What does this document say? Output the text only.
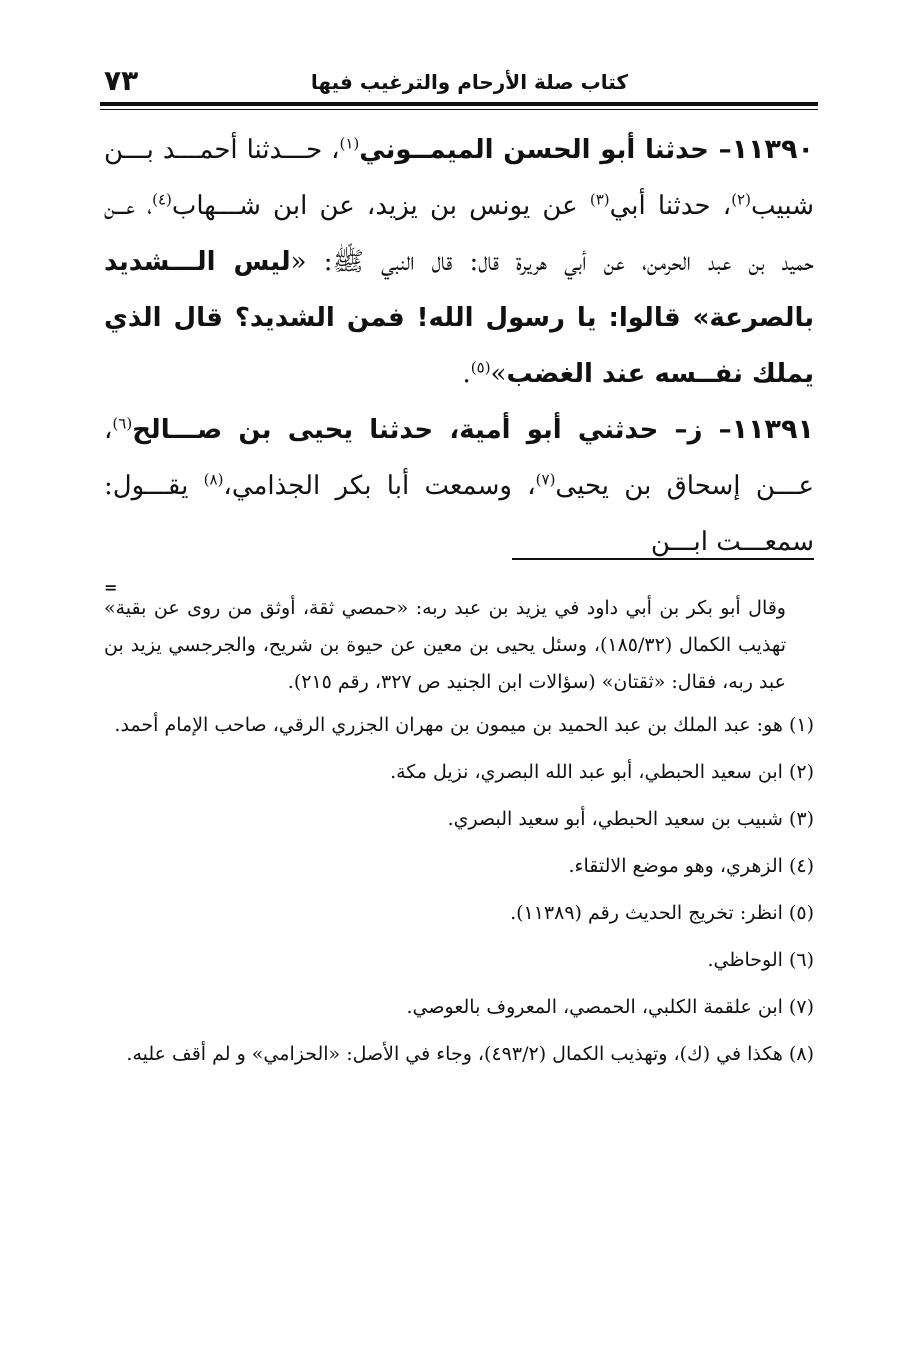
كتاب صلة الأرحام والترغيب فيها
٧٣

١١٣٩٠– حدثنا أبو الحسن الميمــوني$^{(١)}$، حـــدثنا أحمـــد بـــن شبيب$^{(٢)}$، حدثنا أبي$^{(٣)}$ عن يونس بن يزيد، عن ابن شـــهاب$^{(٤)}$، عـــن حميد بن عبد الحرمن، عن أبي هريرة قال: قال النبي ﷺ: «ليس الـــشديد بالصرعة» قالوا: يا رسول الله! فمن الشديد؟ قال الذي يملك نفــسه عند الغضب»$^{(٥)}$.

١١٣٩١– ز– حدثني أبو أمية، حدثنا يحيى بن صـــالح$^{(٦)}$، عـــن إسحاق بن يحيى$^{(٧)}$، وسمعت أبا بكر الجذامي،$^{(٨)}$ يقـــول: سمعـــت ابـــن

=
وقال أبو بكر بن أبي داود في يزيد بن عبد ربه: «حمصي ثقة، أوثق من روى عن بقية» تهذيب الكمال (١٨٥/٣٢)، وسئل يحيى بن معين عن حيوة بن شريح، والجرجسي يزيد بن عبد ربه، فقال: «ثقتان» (سؤالات ابن الجنيد ص ٣٢٧، رقم ٢١٥).

(١) هو: عبد الملك بن عبد الحميد بن ميمون بن مهران الجزري الرقي، صاحب الإمام أحمد.

(٢) ابن سعيد الحبطي، أبو عبد الله البصري، نزيل مكة.

(٣) شبيب بن سعيد الحبطي، أبو سعيد البصري.

(٤) الزهري، وهو موضع الالتقاء.

(٥) انظر: تخريج الحديث رقم (١١٣٨٩).

(٦) الوحاظي.

(٧) ابن علقمة الكلبي، الحمصي، المعروف بالعوصي.

(٨) هكذا في (ك)، وتهذيب الكمال (٤٩٣/٢)، وجاء في الأصل: «الحزامي» و لم أقف عليه.
